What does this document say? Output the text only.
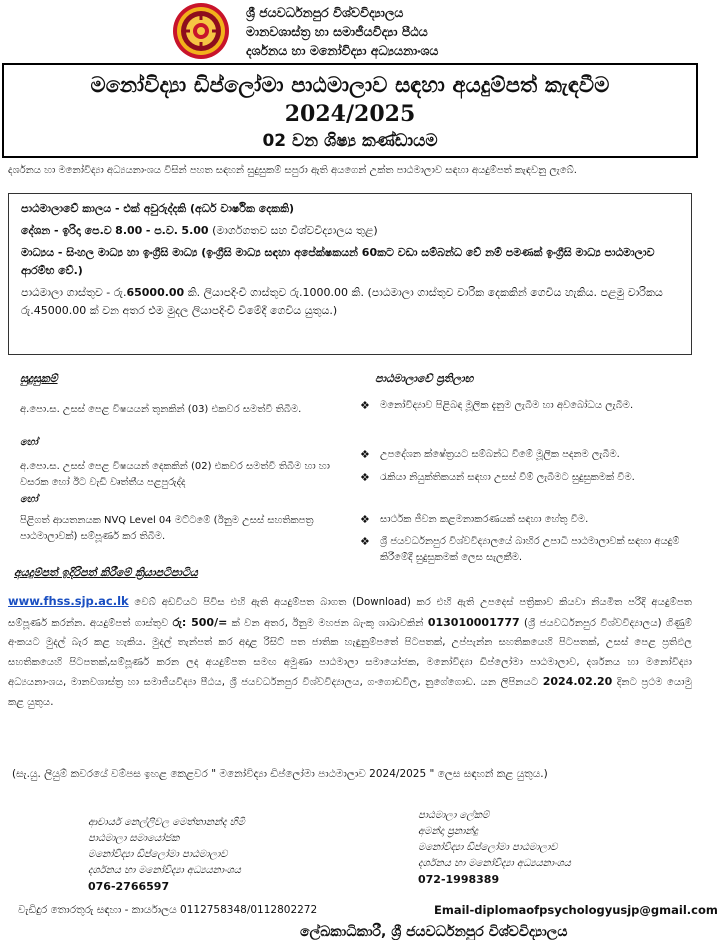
ශ්‍රී ජයවර්ධනපුර විශ්වවිද්‍යාලය
මානවශාස්ත්‍ර හා සමාජීයවිද්‍යා පීඨය
දර්ශනය හා මනෝවිද්‍යා අධ්‍යයනාංශය
මනෝවිද්‍යා ඩිප්ලෝමා පාඨමාලාව සඳහා අයදුම්පත් කැඳවීම
2024/2025
02 වන ශිෂ්‍ය කණ්ඩායම
දර්ශනය හා මනෝවිද්‍යා අධ්‍යයනාංශය විසින් පහත සඳහන් සුදුසුකම් සපුරා ඇති අයගෙන් උක්ත පාඨමාලාව සඳහා අයදුම්පත් කැඳවනු ලැබේ.
පාඨමාලාවේ කාලය - එක් අවුරුද්දකි (අර්ධ වාර්ෂික දෙකකි)
දේශන - ඉරිදා පෙ.ව 8.00 - ප.ව. 5.00 (මාර්ගගතව සහ විශ්වවිද්‍යාලය තුළ)
මාධ්‍යය - සිංහල මාධ්‍ය හා ඉංග්‍රීසි මාධ්‍ය (ඉංග්‍රීසි මාධ්‍ය සඳහා අපේක්ෂකයන් 60කට වඩා සම්බන්ධ වේ නම් පමණක් ඉංග්‍රීසි මාධ්‍ය පාඨමාලාව ආරම්භ වේ.)
පාඨමාලා ගාස්තුව - රු.65000.00 කි. ලියාපදිංචි ගාස්තුව රු.1000.00 කි. (පාඨමාලා ගාස්තුව වාරික දෙකකින් ගෙවිය හැකිය. පළමු වාරිකය රු.45000.00 ක් වන අතර එම මුදල ලියාපදිංචි වීමේදී ගෙවිය යුතුය.)
සුදුසුකම්
අ.පො.ස. උසස් පෙළ විෂයයන් තුනකින් (03) එකවර සමත්වී තිබීම.
හෝ
අ.පො.ස. උසස් පෙළ විෂයයන් දෙකකින් (02) එකවර සමත්වී තිබීම හා හා වසරක හෝ ඊට වැඩි වෘත්තීය පළපුරුද්ද
හෝ
පිළිගත් ආයතනයක NVQ Level 04 මට්ටමේ (ඊනුම උසස් සහතිකපත්‍ර පාඨමාලාවක්) සම්පූර්ණ කර තිබීම.
පාඨමාලාවේ ප්‍රතිලාභ
❖ මනෝවිද්‍යාව පිළිබඳ මූලික දැනුම ලැබීම හා අවබෝධය ලැබීම.
❖ උපදේශන ක්ෂේත්‍රයට සම්බන්ධ වීමේ මූලික පදනම ලැබීම.
❖ රැකියා නියුක්තිකයන් සඳහා උසස් වීම් ලැබීමට සුදුසුකමක් වීම.
❖ සාර්ථක ජීවන කළමනාකරණයක් සඳහා හේතු වීම.
❖ ශ්‍රී ජයවර්ධනපුර විශ්වවිද්‍යාලයේ බාහිර උපාධි පාඨමාලාවක් සඳහා අයදුම් කිරීමේදී සුදුසුකමක් ලෙස සැලකීම.
අයදුම්පත් ඉදිරිපත් කිරීමේ ක්‍රියාපටිපාටිය
www.fhss.sjp.ac.lk වෙබ් අඩවියට පිවිස එහි ඇති අයදුම්පත බාගත (Download) කර එහි ඇති උපදෙස් පත්‍රිකාව කියවා නියමිත පරිදි අයදුම්පත සම්පූර්ණ කරන්න. අයදුම්පත් ගාස්තුව රු: 500/= ක් වන අතර, ඊනුම මහජන බැංකු ශාඛාවකින් 013010001777 (ශ්‍රී ජයවර්ධනපුර විශ්වවිද්‍යාලය) ගිණුම් අංකයට මුදල් බැර කළ හැකිය. මුදල් තැන්පත් කර අදාළ රිසිට් පත ජාතික හැඳුනුම්පතේ පිටපතක්, උප්පැන්න සහතිකයෙහි පිටපතක්, උසස් පෙළ ප්‍රතිඵල සහතිකයෙහි පිටපතක්,සම්පූර්ණ කරන ලද අයදුම්පත සමඟ අමුණා පාඨමාලා සමායෝජක, මනෝවිද්‍යා ඩිප්ලෝමා පාඨමාලාව, දර්ශනය හා මනෝවිද්‍යා අධ්‍යයනාංශය, මානවශාස්ත්‍ර හා සමාජීයවිද්‍යා පීඨය, ශ්‍රී ජයවර්ධනපුර විශ්වවිද්‍යාලය, ගංගොඩවිල, නුගේගොඩ. යන ලිපිනයට 2024.02.20 දිනට ප්‍රථම යොමු කළ යුතුය.
(සැ.යු. ලියුම් කවරයේ වම්පස ඉහළ කෙළවර " මනෝවිද්‍යා ඩිප්ලෝමා පාඨමාලාව 2024/2025 " ලෙස සඳහන් කළ යුතුය.)
ආචාර්ය නෙල්ලිවල මෙත්තානන්ද හිමි
පාඨමාලා සමායෝජක
මනෝවිද්‍යා ඩිප්ලෝමා පාඨමාලාව
දර්ශනය හා මනෝවිද්‍යා අධ්‍යයනාංශය
076-2766597
පාඨමාලා ලේකම්
අමන්දා ප්‍රනාන්දු
මනෝවිද්‍යා ඩිප්ලෝමා පාඨමාලාව
දර්ශනය හා මනෝවිද්‍යා අධ්‍යයනාංශය
072-1998389
වැඩිදුර තොරතුරු සඳහා - කාර්යාලය 0112758348/0112802272	Email-diplomaofpsychologyusjp@gmail.com
ලේඛකාධිකාරී, ශ්‍රී ජයවර්ධනපුර විශ්වවිද්‍යාලය
